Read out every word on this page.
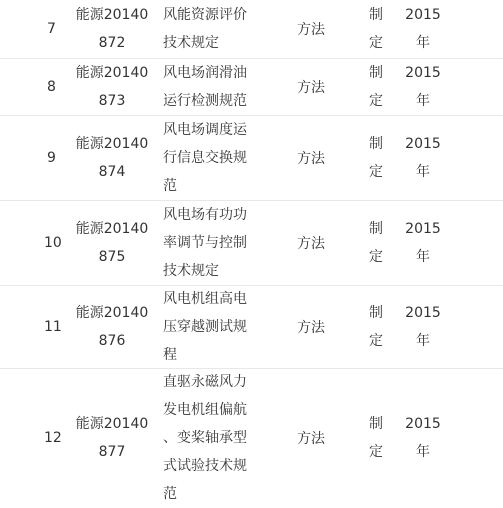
7
能源20140
872
风能资源评价
技术规定
方法
制
定
2015
年
8
能源20140
873
风电场润滑油
运行检测规范
方法
制
定
2015
年
9
能源20140
874
风电场调度运
行信息交换规
范
方法
制
定
2015
年
10
能源20140
875
风电场有功功
率调节与控制
技术规定
方法
制
定
2015
年
11
能源20140
876
风电机组高电
压穿越测试规
程
方法
制
定
2015
年
12
能源20140
877
直驱永磁风力
发电机组偏航
、变桨轴承型
式试验技术规
范
方法
制
定
2015
年
